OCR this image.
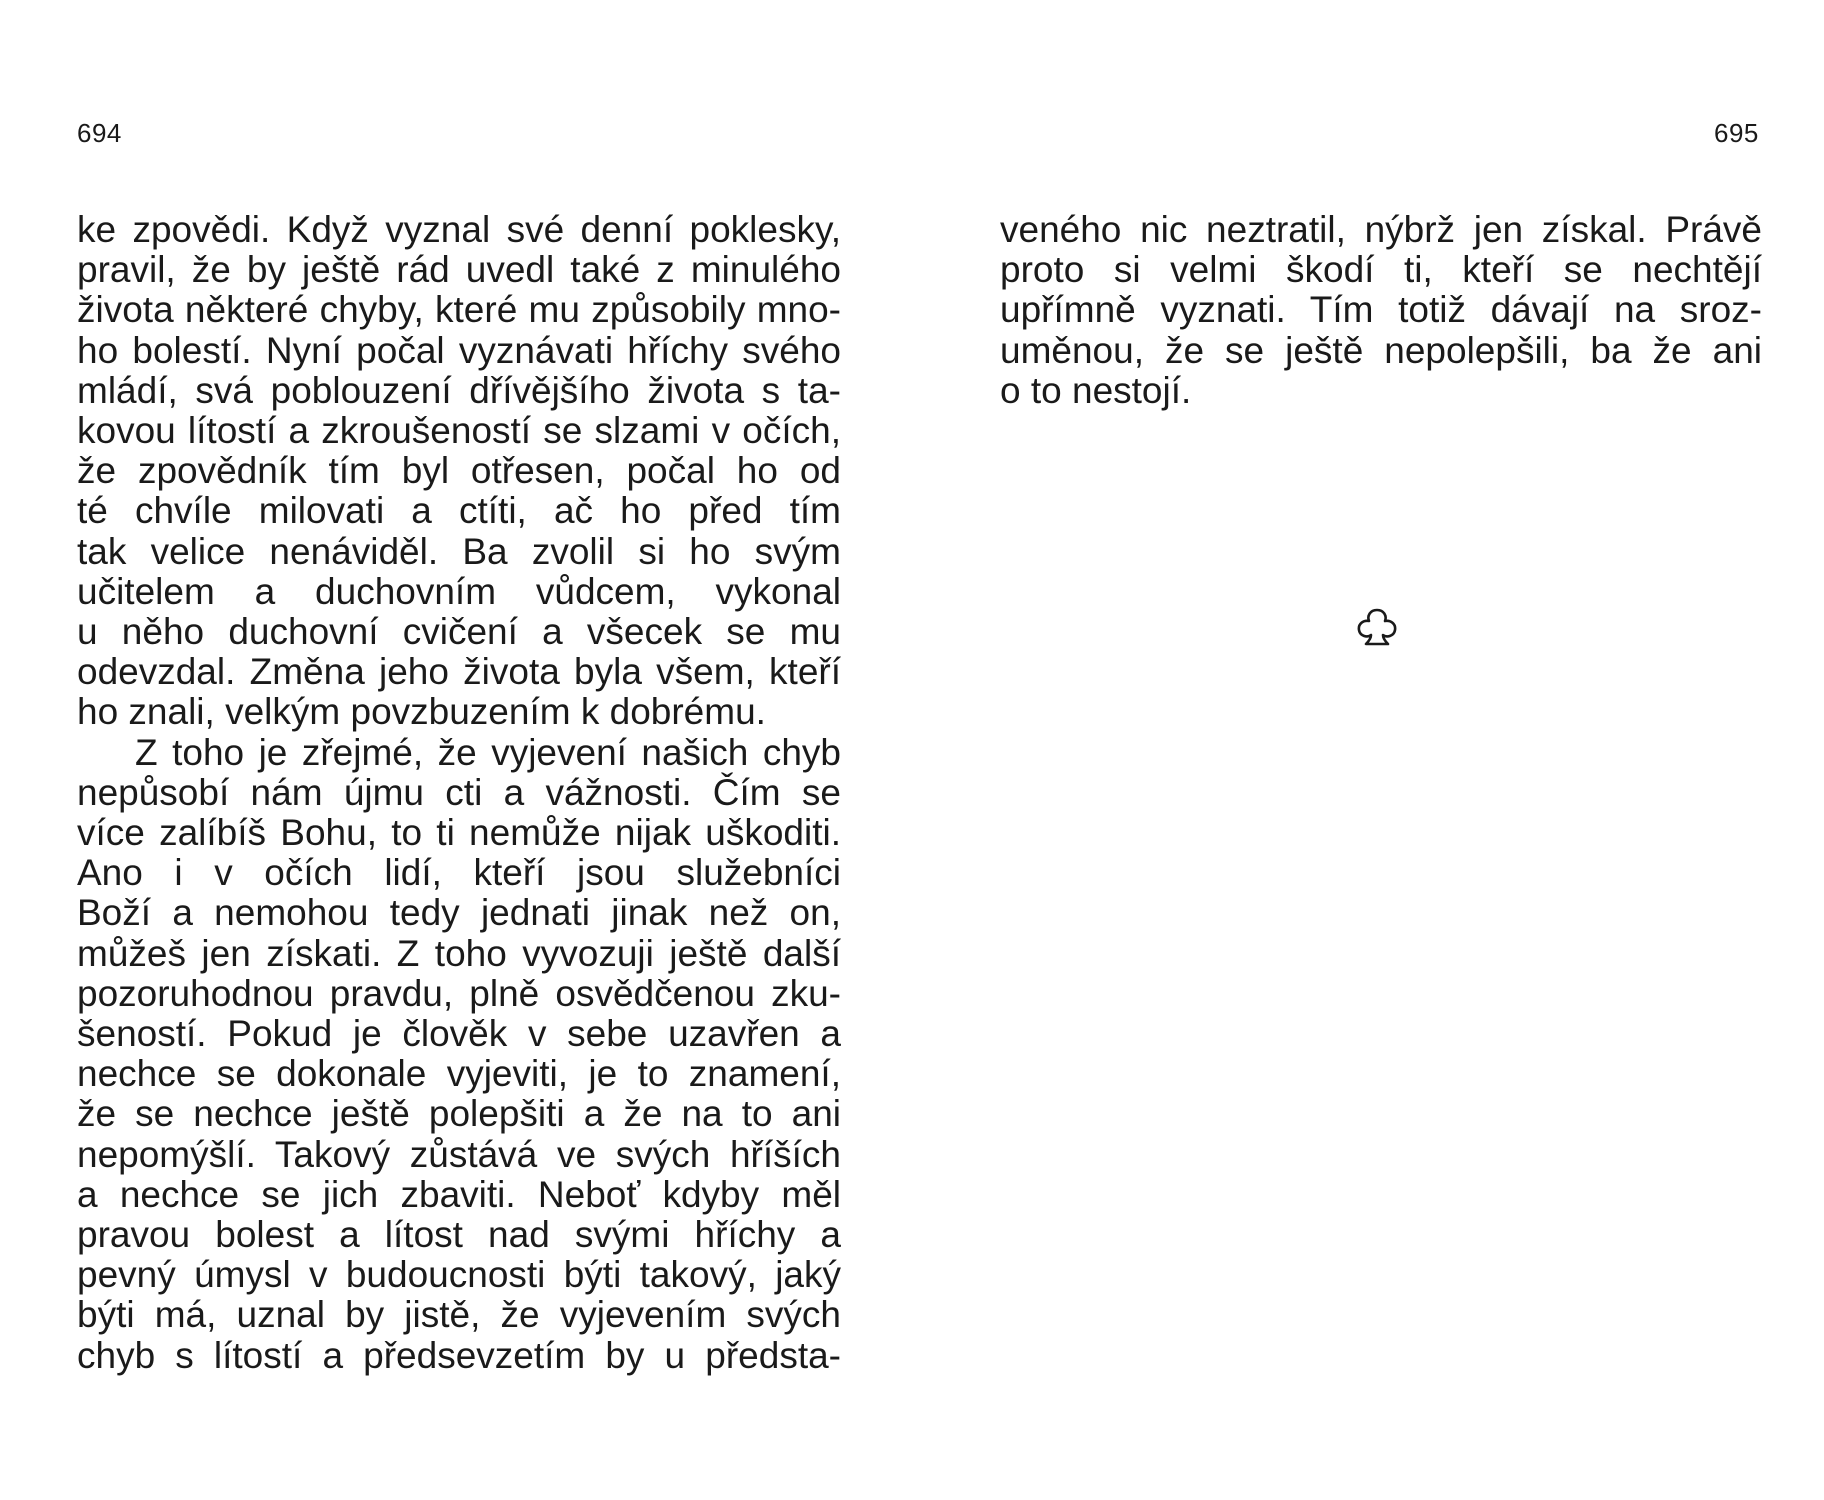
694	695
ke zpovědi. Když vyznal své denní poklesky,
pravil, že by ještě rád uvedl také z minulého
života některé chyby, které mu způsobily mno-
ho bolestí. Nyní počal vyznávati hříchy svého
mládí, svá poblouzení dřívějšího života s ta-
kovou lítostí a zkroušeností se slzami v očích,
že zpovědník tím byl otřesen, počal ho od
té chvíle milovati a ctíti, ač ho před tím
tak velice nenáviděl. Ba zvolil si ho svým
učitelem a duchovním vůdcem, vykonal
u něho duchovní cvičení a všecek se mu
odevzdal. Změna jeho života byla všem, kteří
ho znali, velkým povzbuzením k dobrému.
Z toho je zřejmé, že vyjevení našich chyb
nepůsobí nám újmu cti a vážnosti. Čím se
více zalíbíš Bohu, to ti nemůže nijak uškoditi.
Ano i v očích lidí, kteří jsou služebníci
Boží a nemohou tedy jednati jinak než on,
můžeš jen získati. Z toho vyvozuji ještě další
pozoruhodnou pravdu, plně osvědčenou zku-
šeností. Pokud je člověk v sebe uzavřen a
nechce se dokonale vyjeviti, je to znamení,
že se nechce ještě polepšiti a že na to ani
nepomýšlí. Takový zůstává ve svých hříších
a nechce se jich zbaviti. Neboť kdyby měl
pravou bolest a lítost nad svými hříchy a
pevný úmysl v budoucnosti býti takový, jaký
býti má, uznal by jistě, že vyjevením svých
chyb s lítostí a předsevzetím by u předsta-
veného nic neztratil, nýbrž jen získal. Právě
proto si velmi škodí ti, kteří se nechtějí
upřímně vyznati. Tím totiž dávají na sroz-
uměnou, že se ještě nepolepšili, ba že ani
o to nestojí.
